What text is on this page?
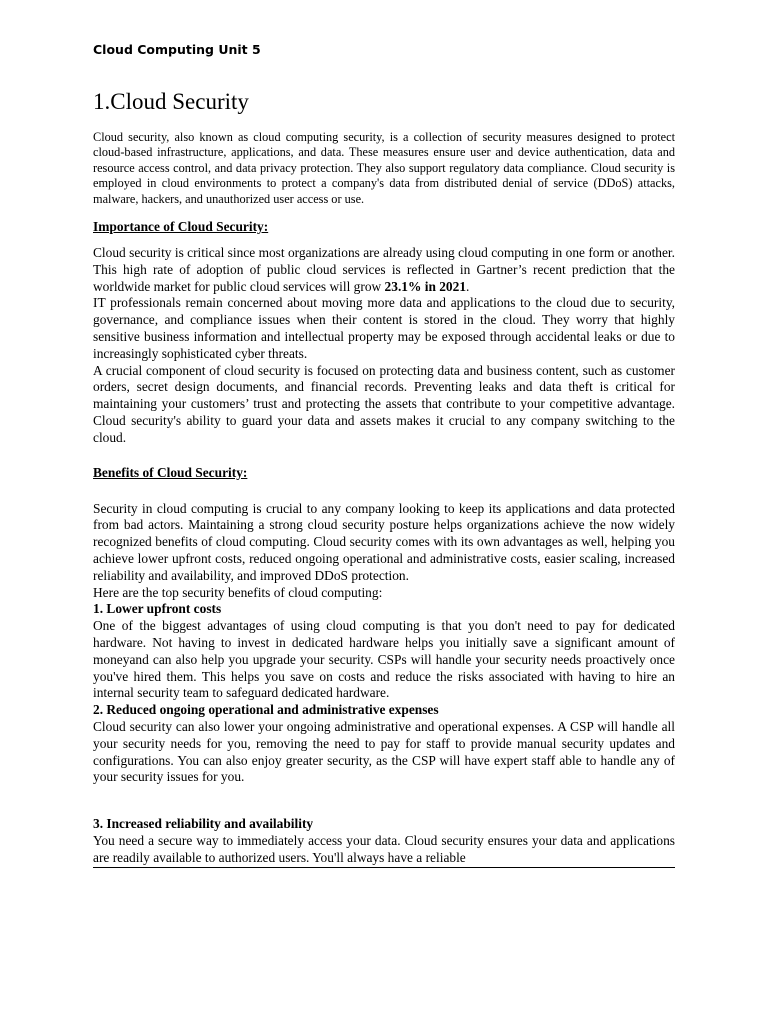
Cloud Computing Unit 5
1.Cloud Security

Cloud security, also known as cloud computing security, is a collection of security measures designed to protect cloud-based infrastructure, applications, and data. These measures ensure user and device authentication, data and resource access control, and data privacy protection. They also support regulatory data compliance. Cloud security is employed in cloud environments to protect a company's data from distributed denial of service (DDoS) attacks, malware, hackers, and unauthorized user access or use.

Importance of Cloud Security:

Cloud security is critical since most organizations are already using cloud computing in one form or another. This high rate of adoption of public cloud services is reflected in Gartner’s recent prediction that the worldwide market for public cloud services will grow 23.1% in 2021.

IT professionals remain concerned about moving more data and applications to the cloud due to security, governance, and compliance issues when their content is stored in the cloud. They worry that highly sensitive business information and intellectual property may be exposed through accidental leaks or due to increasingly sophisticated cyber threats.

A crucial component of cloud security is focused on protecting data and business content, such as customer orders, secret design documents, and financial records. Preventing leaks and data theft is critical for maintaining your customers’ trust and protecting the assets that contribute to your competitive advantage. Cloud security's ability to guard your data and assets makes it crucial to any company switching to the cloud.

Benefits of Cloud Security:

Security in cloud computing is crucial to any company looking to keep its applications and data protected from bad actors. Maintaining a strong cloud security posture helps organizations achieve the now widely recognized benefits of cloud computing. Cloud security comes with its own advantages as well, helping you achieve lower upfront costs, reduced ongoing operational and administrative costs, easier scaling, increased reliability and availability, and improved DDoS protection.

Here are the top security benefits of cloud computing:

1. Lower upfront costs

One of the biggest advantages of using cloud computing is that you don't need to pay for dedicated hardware. Not having to invest in dedicated hardware helps you initially save a significant amount of moneyand can also help you upgrade your security. CSPs will handle your security needs proactively once you've hired them. This helps you save on costs and reduce the risks associated with having to hire an internal security team to safeguard dedicated hardware.

2. Reduced ongoing operational and administrative expenses

Cloud security can also lower your ongoing administrative and operational expenses. A CSP will handle all your security needs for you, removing the need to pay for staff to provide manual security updates and configurations. You can also enjoy greater security, as the CSP will have expert staff able to handle any of your security issues for you.

3. Increased reliability and availability

You need a secure way to immediately access your data. Cloud security ensures your data and applications are readily available to authorized users. You'll always have a reliable
